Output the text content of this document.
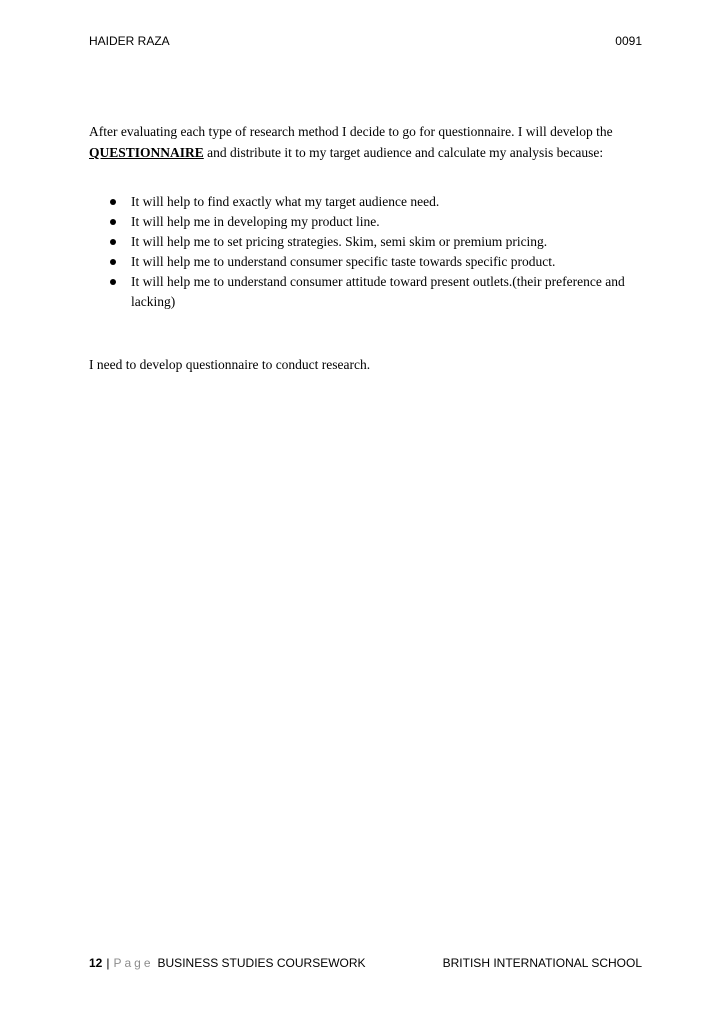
HAIDER RAZA	0091

After evaluating each type of research method I decide to go for questionnaire. I will develop the QUESTIONNAIRE and distribute it to my target audience and calculate my analysis because:

It will help to find exactly what my target audience need.
It will help me in developing my product line.
It will help me to set pricing strategies. Skim, semi skim or premium pricing.
It will help me to understand consumer specific taste towards specific product.
It will help me to understand consumer attitude toward present outlets.(their preference and lacking)

I need to develop questionnaire to conduct research.

12 | Page BUSINESS STUDIES COURSEWORK	BRITISH INTERNATIONAL SCHOOL
